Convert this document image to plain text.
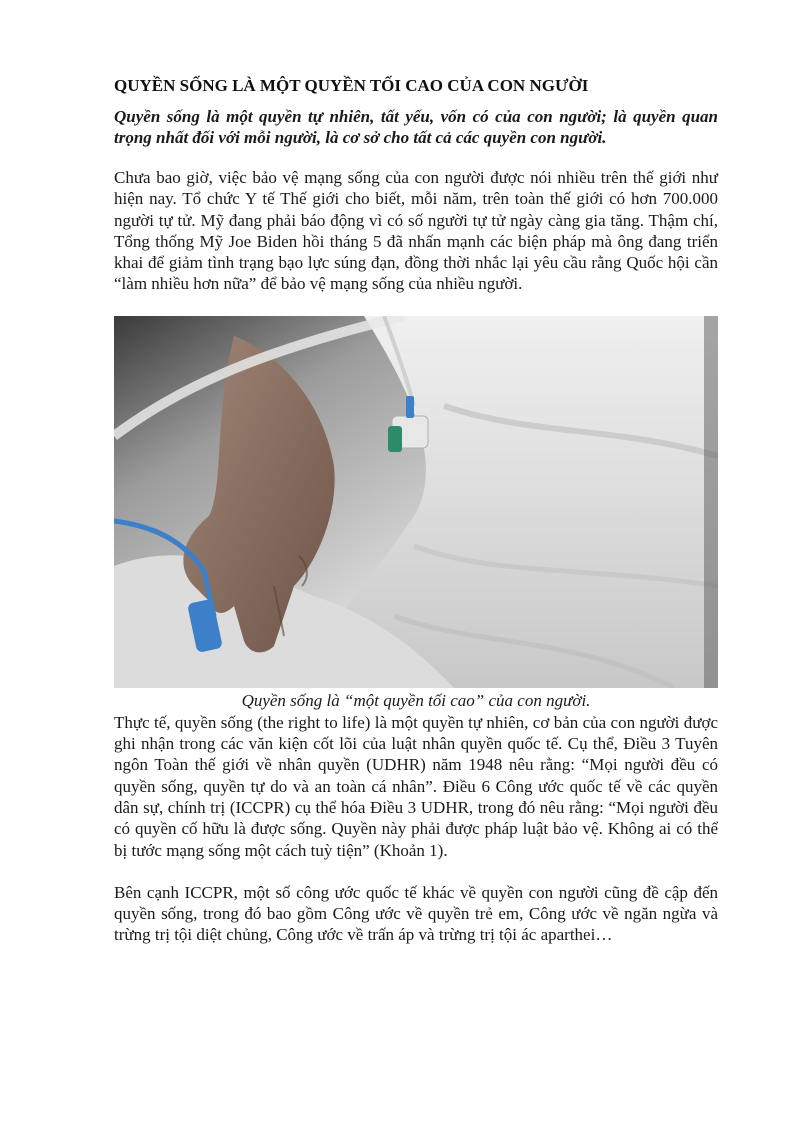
QUYỀN SỐNG LÀ MỘT QUYỀN TỐI CAO CỦA CON NGƯỜI
Quyền sống là một quyền tự nhiên, tất yếu, vốn có của con người; là quyền quan trọng nhất đối với mỗi người, là cơ sở cho tất cả các quyền con người.

Chưa bao giờ, việc bảo vệ mạng sống của con người được nói nhiều trên thế giới như hiện nay. Tổ chức Y tế Thế giới cho biết, mỗi năm, trên toàn thế giới có hơn 700.000 người tự tử. Mỹ đang phải báo động vì có số người tự tử ngày càng gia tăng. Thậm chí, Tổng thống Mỹ Joe Biden hồi tháng 5 đã nhấn mạnh các biện pháp mà ông đang triển khai để giảm tình trạng bạo lực súng đạn, đồng thời nhắc lại yêu cầu rằng Quốc hội cần “làm nhiều hơn nữa” để bảo vệ mạng sống của nhiều người.

Quyền sống là “một quyền tối cao” của con người.

Thực tế, quyền sống (the right to life) là một quyền tự nhiên, cơ bản của con người được ghi nhận trong các văn kiện cốt lõi của luật nhân quyền quốc tế. Cụ thể, Điều 3 Tuyên ngôn Toàn thế giới về nhân quyền (UDHR) năm 1948 nêu rằng: “Mọi người đều có quyền sống, quyền tự do và an toàn cá nhân”. Điều 6 Công ước quốc tế về các quyền dân sự, chính trị (ICCPR) cụ thể hóa Điều 3 UDHR, trong đó nêu rằng: “Mọi người đều có quyền cố hữu là được sống. Quyền này phải được pháp luật bảo vệ. Không ai có thể bị tước mạng sống một cách tuỳ tiện” (Khoản 1).

Bên cạnh ICCPR, một số công ước quốc tế khác về quyền con người cũng đề cập đến quyền sống, trong đó bao gồm Công ước về quyền trẻ em, Công ước về ngăn ngừa và trừng trị tội diệt chủng, Công ước về trấn áp và trừng trị tội ác aparthei…
